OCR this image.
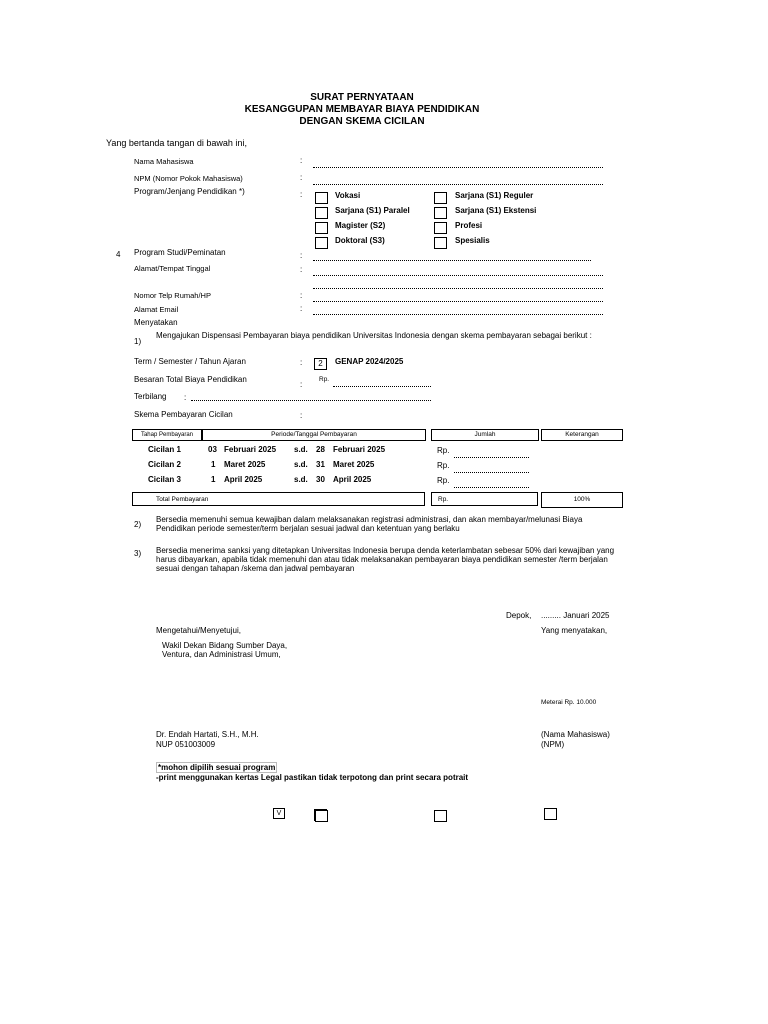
SURAT PERNYATAAN
KESANGGUPAN MEMBAYAR BIAYA PENDIDIKAN
DENGAN SKEMA CICILAN
Yang bertanda tangan di bawah ini,
Nama Mahasiswa	:
NPM (Nomor Pokok Mahasiswa)	:
Program/Jenjang Pendidikan *)	:	Vokasi	Sarjana (S1) Reguler
Sarjana (S1) Paralel	Sarjana (S1) Ekstensi
Magister (S2)	Profesi
Doktoral (S3)	Spesialis
4 Program Studi/Peminatan	:
Alamat/Tempat Tinggal	:
Nomor Telp Rumah/HP	:
Alamat Email	:
Menyatakan
1)
Mengajukan Dispensasi Pembayaran biaya pendidikan Universitas Indonesia dengan skema pembayaran sebagai berikut :
Term / Semester / Tahun Ajaran	:	2	GENAP 2024/2025
Besaran Total Biaya Pendidikan
:
Rp.
Terbilang :
Skema Pembayaran Cicilan	:
Tahap Pembayaran	Periode/Tanggal Pembayaran	Jumlah	Keterangan
Cicilan 1	03 Februari 2025 s.d. 28 Februari 2025	Rp.
Cicilan 2	1 Maret 2025	s.d. 31 Maret 2025	Rp.
Cicilan 3	1 April 2025	s.d. 30 April 2025	Rp.
Total Pembayaran	Rp.	100%
2)
Bersedia memenuhi semua kewajiban dalam melaksanakan registrasi administrasi, dan akan membayar/melunasi Biaya Pendidikan periode semester/term berjalan sesuai jadwal dan ketentuan yang berlaku
3) Bersedia menerima sanksi yang ditetapkan Universitas Indonesia berupa denda keterlambatan sebesar 50% dari kewajiban yang harus dibayarkan, apabila tidak memenuhi dan atau tidak melaksanakan pembayaran biaya pendidikan semester /term berjalan sesuai dengan tahapan /skema dan jadwal pembayaran
Depok, ......... Januari 2025
Mengetahui/Menyetujui,	Yang menyatakan,
Wakil Dekan Bidang Sumber Daya,
Ventura, dan Administrasi Umum,
Meterai Rp. 10.000
Dr. Endah Hartati, S.H., M.H.
NUP 051003009
(Nama Mahasiswa)
(NPM)
*mohon dipilih sesuai program
-print menggunakan kertas Legal pastikan tidak terpotong dan print secara potrait
V
